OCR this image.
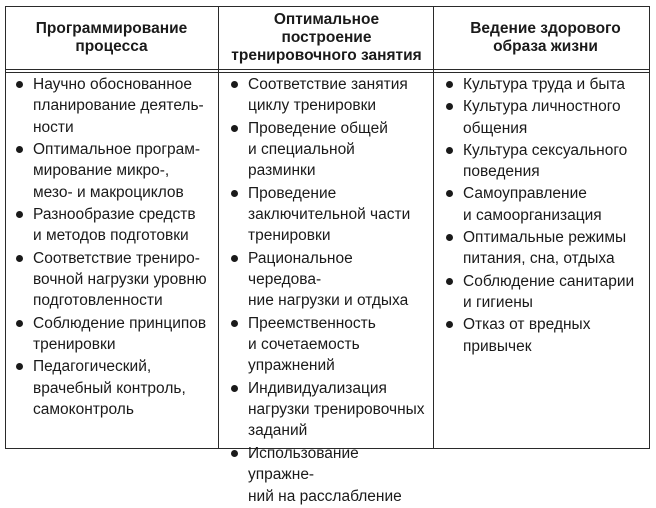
Программирование процесса
Научно обоснованное
планирование деятель-
ности
Оптимальное програм-
мирование микро-,
мезо- и макроциклов
Разнообразие средств
и методов подготовки
Соответствие трениро-
вочной нагрузки уровню
подготовленности
Соблюдение принципов
тренировки
Педагогический,
врачебный контроль,
самоконтроль
Оптимальное построение тренировочного занятия
Соответствие занятия
циклу тренировки
Проведение общей
и специальной разминки
Проведение
заключительной части
тренировки
Рациональное чередова-
ние нагрузки и отдыха
Преемственность
и сочетаемость
упражнений
Индивидуализация
нагрузки тренировочных
заданий
Использование упражне-
ний на расслабление
Ведение здорового образа жизни
Культура труда и быта
Культура личностного
общения
Культура сексуального
поведения
Самоуправление
и самоорганизация
Оптимальные режимы
питания, сна, отдыха
Соблюдение санитарии
и гигиены
Отказ от вредных
привычек
